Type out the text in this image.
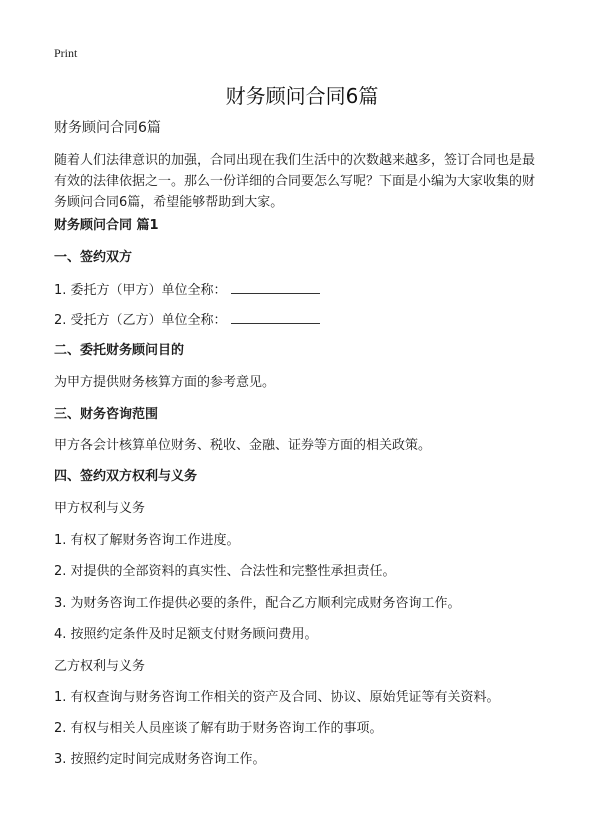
Print
财务顾问合同6篇

财务顾问合同6篇

随着人们法律意识的加强，合同出现在我们生活中的次数越来越多，签订合同也是最有效的法律依据之一。那么一份详细的合同要怎么写呢？下面是小编为大家收集的财务顾问合同6篇，希望能够帮助到大家。

财务顾问合同 篇1

一、签约双方

1. 委托方（甲方）单位全称：

2. 受托方（乙方）单位全称：

二、委托财务顾问目的

为甲方提供财务核算方面的参考意见。

三、财务咨询范围

甲方各会计核算单位财务、税收、金融、证券等方面的相关政策。

四、签约双方权利与义务

甲方权利与义务

1. 有权了解财务咨询工作进度。

2. 对提供的全部资料的真实性、合法性和完整性承担责任。

3. 为财务咨询工作提供必要的条件，配合乙方顺利完成财务咨询工作。

4. 按照约定条件及时足额支付财务顾问费用。

乙方权利与义务

1. 有权查询与财务咨询工作相关的资产及合同、协议、原始凭证等有关资料。

2. 有权与相关人员座谈了解有助于财务咨询工作的事项。

3. 按照约定时间完成财务咨询工作。
